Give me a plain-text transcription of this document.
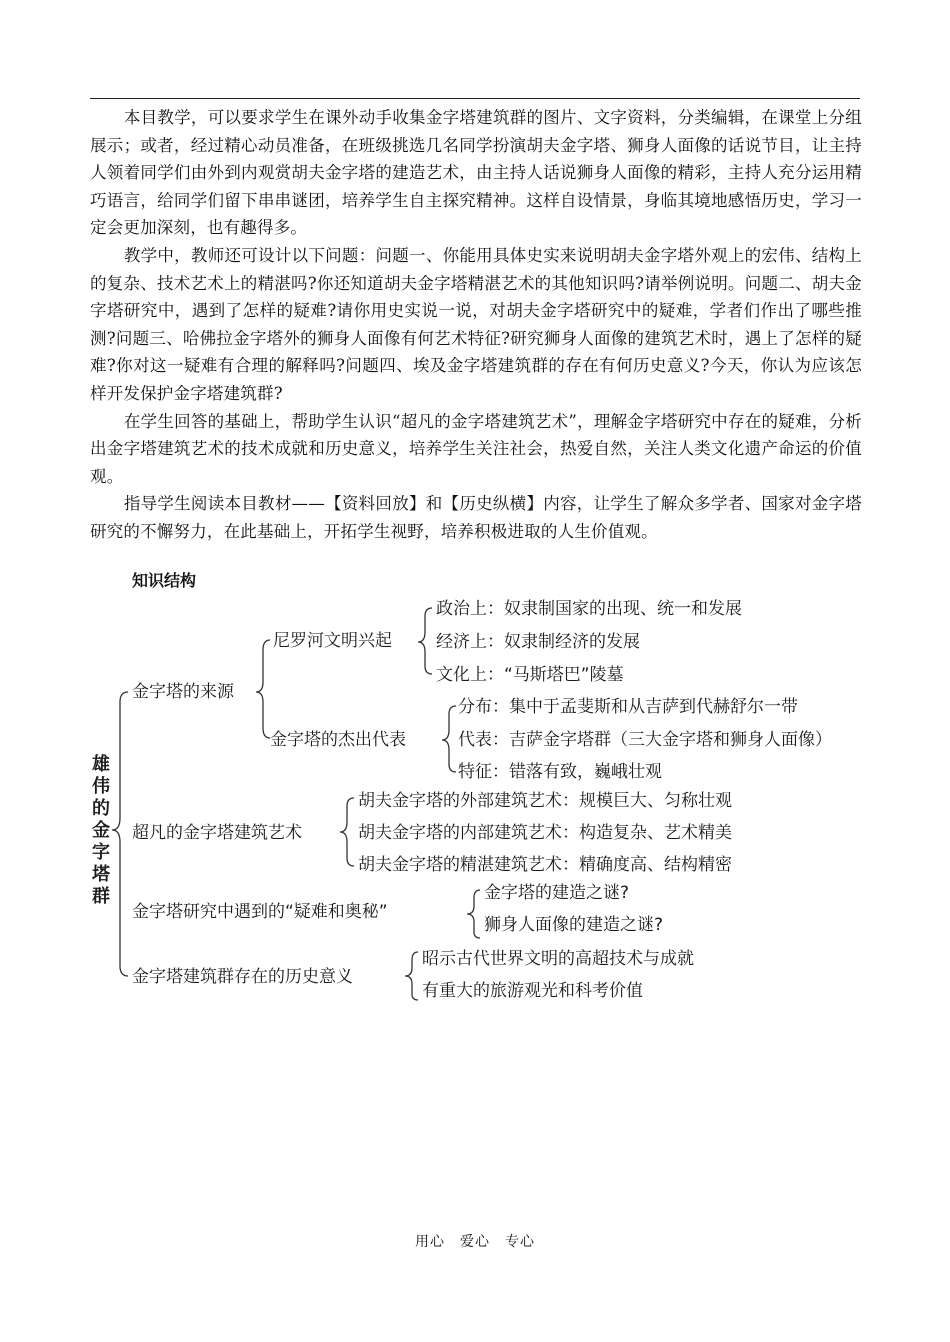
本目教学，可以要求学生在课外动手收集金字塔建筑群的图片、文字资料，分类编辑，在课堂上分组展示；或者，经过精心动员准备，在班级挑选几名同学扮演胡夫金字塔、狮身人面像的话说节目，让主持人领着同学们由外到内观赏胡夫金字塔的建造艺术，由主持人话说狮身人面像的精彩，主持人充分运用精巧语言，给同学们留下串串谜团，培养学生自主探究精神。这样自设情景，身临其境地感悟历史，学习一定会更加深刻，也有趣得多。

教学中，教师还可设计以下问题：问题一、你能用具体史实来说明胡夫金字塔外观上的宏伟、结构上的复杂、技术艺术上的精湛吗?你还知道胡夫金字塔精湛艺术的其他知识吗?请举例说明。问题二、胡夫金字塔研究中，遇到了怎样的疑难?请你用史实说一说，对胡夫金字塔研究中的疑难，学者们作出了哪些推测?问题三、哈佛拉金字塔外的狮身人面像有何艺术特征?研究狮身人面像的建筑艺术时，遇上了怎样的疑难?你对这一疑难有合理的解释吗?问题四、埃及金字塔建筑群的存在有何历史意义?今天，你认为应该怎样开发保护金字塔建筑群?

在学生回答的基础上，帮助学生认识“超凡的金字塔建筑艺术”，理解金字塔研究中存在的疑难，分析出金字塔建筑艺术的技术成就和历史意义，培养学生关注社会，热爱自然，关注人类文化遗产命运的价值观。

指导学生阅读本目教材——【资料回放】和【历史纵横】内容，让学生了解众多学者、国家对金字塔研究的不懈努力，在此基础上，开拓学生视野，培养积极进取的人生价值观。

知识结构
雄
伟
的
金
字
塔
群
金字塔的来源
尼罗河文明兴起
政治上：奴隶制国家的出现、统一和发展
经济上：奴隶制经济的发展
文化上：“马斯塔巴”陵墓
金字塔的杰出代表
分布：集中于孟斐斯和从吉萨到代赫舒尔一带
代表：吉萨金字塔群（三大金字塔和狮身人面像）
特征：错落有致，巍峨壮观
超凡的金字塔建筑艺术
胡夫金字塔的外部建筑艺术：规模巨大、匀称壮观
胡夫金字塔的内部建筑艺术：构造复杂、艺术精美
胡夫金字塔的精湛建筑艺术：精确度高、结构精密
金字塔研究中遇到的“疑难和奥秘”
金字塔的建造之谜?
狮身人面像的建造之谜?
金字塔建筑群存在的历史意义
昭示古代世界文明的高超技术与成就
有重大的旅游观光和科考价值
用心　爱心　专心
